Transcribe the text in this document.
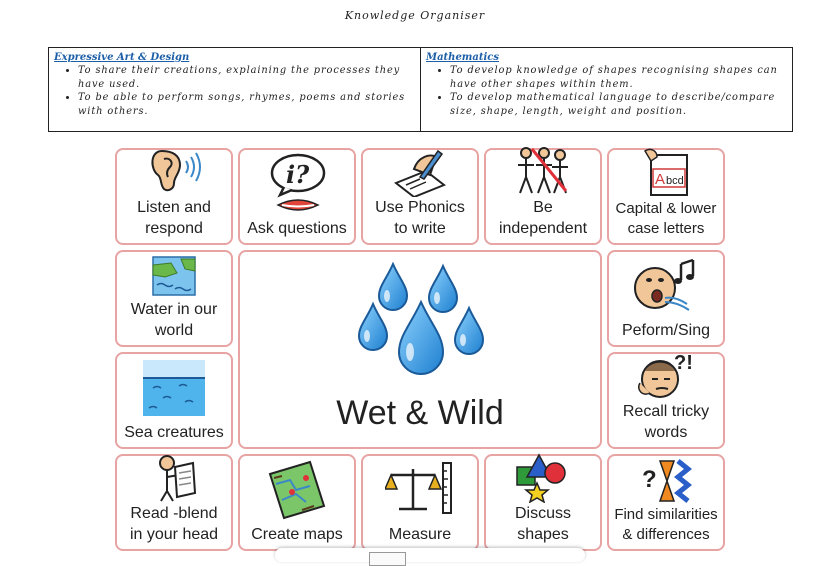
Knowledge Organiser
Expressive Art & Design
• To share their creations, explaining the processes they have used.
• To be able to perform songs, rhymes, poems and stories with others.
Mathematics
• To develop knowledge of shapes recognising shapes can have other shapes within them.
• To develop mathematical language to describe/compare size, shape, length, weight and position.
Listen and
respond
i?
Ask questions
Use Phonics
to write
Be
independent
A bcd
Capital & lower
case letters
Water in our
world
Wet & Wild
Peform/Sing
Sea creatures
?!
Recall tricky
words
Read -blend
in your head Create maps	Measure
Discuss
shapes
?
Find similarities
& differences
